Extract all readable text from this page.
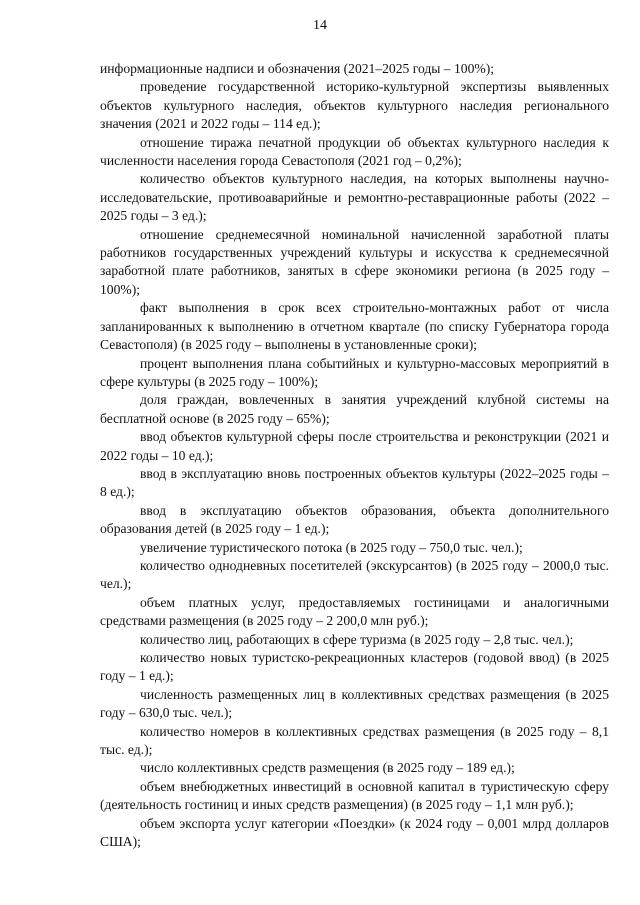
14

информационные надписи и обозначения (2021–2025 годы – 100%);

проведение государственной историко-культурной экспертизы выявленных объектов культурного наследия, объектов культурного наследия регионального значения (2021 и 2022 годы – 114 ед.);

отношение тиража печатной продукции об объектах культурного наследия к численности населения города Севастополя (2021 год – 0,2%);

количество объектов культурного наследия, на которых выполнены научно-исследовательские, противоаварийные и ремонтно-реставрационные работы (2022 – 2025 годы – 3 ед.);

отношение среднемесячной номинальной начисленной заработной платы работников государственных учреждений культуры и искусства к среднемесячной заработной плате работников, занятых в сфере экономики региона (в 2025 году – 100%);

факт выполнения в срок всех строительно-монтажных работ от числа запланированных к выполнению в отчетном квартале (по списку Губернатора города Севастополя) (в 2025 году – выполнены в установленные сроки);

процент выполнения плана событийных и культурно-массовых мероприятий в сфере культуры (в 2025 году – 100%);

доля граждан, вовлеченных в занятия учреждений клубной системы на бесплатной основе (в 2025 году – 65%);

ввод объектов культурной сферы после строительства и реконструкции (2021 и 2022 годы – 10 ед.);

ввод в эксплуатацию вновь построенных объектов культуры (2022–2025 годы – 8 ед.);

ввод в эксплуатацию объектов образования, объекта дополнительного образования детей (в 2025 году – 1 ед.);

увеличение туристического потока (в 2025 году – 750,0 тыс. чел.);

количество однодневных посетителей (экскурсантов) (в 2025 году – 2000,0 тыс. чел.);

объем платных услуг, предоставляемых гостиницами и аналогичными средствами размещения (в 2025 году – 2 200,0 млн руб.);

количество лиц, работающих в сфере туризма (в 2025 году – 2,8 тыс. чел.);

количество новых туристско-рекреационных кластеров (годовой ввод) (в 2025 году – 1 ед.);

численность размещенных лиц в коллективных средствах размещения (в 2025 году – 630,0 тыс. чел.);

количество номеров в коллективных средствах размещения (в 2025 году – 8,1 тыс. ед.);

число коллективных средств размещения (в 2025 году – 189 ед.);

объем внебюджетных инвестиций в основной капитал в туристическую сферу (деятельность гостиниц и иных средств размещения) (в 2025 году – 1,1 млн руб.);

объем экспорта услуг категории «Поездки» (к 2024 году – 0,001 млрд долларов США);
